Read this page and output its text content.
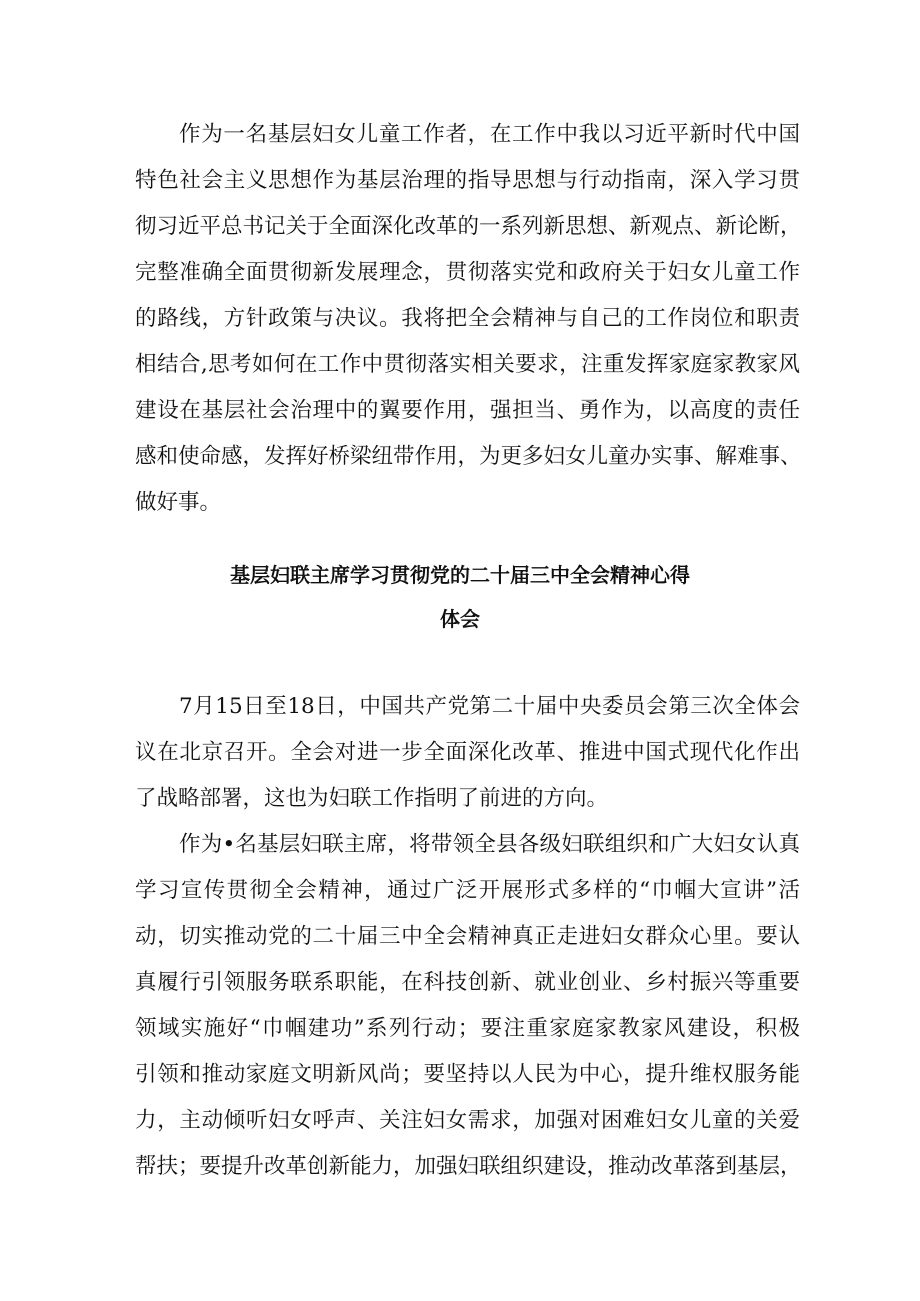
作为一名基层妇女儿童工作者，在工作中我以习近平新时代中国
特色社会主义思想作为基层治理的指导思想与行动指南，深入学习贯
彻习近平总书记关于全面深化改革的一系列新思想、新观点、新论断，
完整准确全面贯彻新发展理念，贯彻落实党和政府关于妇女儿童工作
的路线，方针政策与决议。我将把全会精神与自己的工作岗位和职责
相结合,思考如何在工作中贯彻落实相关要求，注重发挥家庭家教家风
建设在基层社会治理中的翼要作用，强担当、勇作为，以高度的责任
感和使命感，发挥好桥梁纽带作用，为更多妇女儿童办实事、解难事、
做好事。
基层妇联主席学习贯彻党的二十届三中全会精神心得
体会
7月15日至18日，中国共产党第二十届中央委员会第三次全体会
议在北京召开。全会对进一步全面深化改革、推进中国式现代化作出
了战略部署，这也为妇联工作指明了前进的方向。
作为•名基层妇联主席，将带领全县各级妇联组织和广大妇女认真
学习宣传贯彻全会精神，通过广泛开展形式多样的“巾帼大宣讲”活
动，切实推动党的二十届三中全会精神真正走进妇女群众心里。要认
真履行引领服务联系职能，在科技创新、就业创业、乡村振兴等重要
领域实施好“巾帼建功”系列行动；要注重家庭家教家风建设，积极
引领和推动家庭文明新风尚；要坚持以人民为中心，提升维权服务能
力，主动倾听妇女呼声、关注妇女需求，加强对困难妇女儿童的关爱
帮扶；要提升改革创新能力，加强妇联组织建设，推动改革落到基层，
